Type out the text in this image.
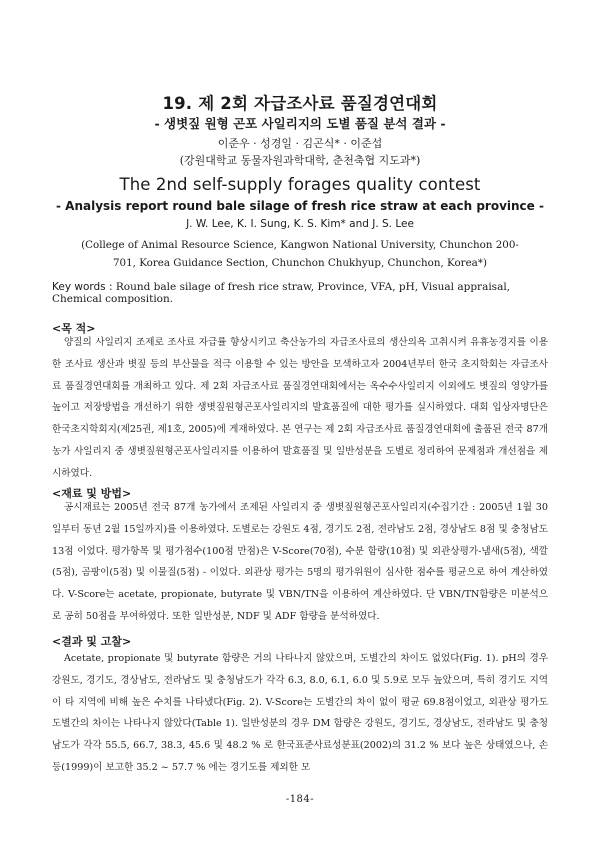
19. 제 2회 자급조사료 품질경연대회
- 생볏짚 원형 곤포 사일리지의 도별 품질 분석 결과 -
이준우 · 성경일 · 김곤식* · 이준섭
(강원대학교 동물자원과학대학, 춘천축협 지도과*)
The 2nd self-supply forages quality contest
- Analysis report round bale silage of fresh rice straw at each province -
J. W. Lee, K. I. Sung, K. S. Kim* and J. S. Lee
(College of Animal Resource Science, Kangwon National University, Chunchon 200-701, Korea Guidance Section, Chunchon Chukhyup, Chunchon, Korea*)
Key words : Round bale silage of fresh rice straw, Province, VFA, pH, Visual appraisal, Chemical composition.
<목 적>

양질의 사일리지 조제로 조사료 자급률 향상시키고 축산농가의 자급조사료의 생산의욕 고취시켜 유휴농경지를 이용한 조사료 생산과 볏짚 등의 부산물을 적극 이용할 수 있는 방안을 모색하고자 2004년부터 한국 초지학회는 자급조사료 품질경연대회를 개최하고 있다. 제 2회 자급조사료 품질경연대회에서는 옥수수사일리지 이외에도 볏짚의 영양가를 높이고 저장방법을 개선하기 위한 생볏짚원형곤포사일리지의 발효품질에 대한 평가를 실시하였다. 대회 입상자명단은 한국초지학회지(제25권, 제1호, 2005)에 게재하였다. 본 연구는 제 2회 자급조사료 품질경연대회에 출품된 전국 87개 농가 사일리지 중 생볏짚원형곤포사일리지를 이용하여 발효품질 및 일반성분을 도별로 정리하여 문제점과 개선점을 제시하였다.

<재료 및 방법>

공시재료는 2005년 전국 87개 농가에서 조제된 사일리지 중 생볏짚원형곤포사일리지(수집기간 : 2005년 1월 30일부터 동년 2월 15일까지)를 이용하였다. 도별로는 강원도 4점, 경기도 2점, 전라남도 2점, 경상남도 8점 및 충청남도 13점 이었다. 평가항목 및 평가점수(100점 만점)은 V-Score(70점), 수분 함량(10점) 및 외관상평가-냄새(5점), 색깔(5점), 곰팡이(5점) 및 이물질(5점) - 이었다. 외관상 평가는 5명의 평가위원이 심사한 점수를 평균으로 하여 계산하였다. V-Score는 acetate, propionate, butyrate 및 VBN/TN을 이용하여 계산하였다. 단 VBN/TN함량은 미분석으로 공히 50점을 부여하였다. 또한 일반성분, NDF 및 ADF 함량을 분석하였다.

<결과 및 고찰>

Acetate, propionate 및 butyrate 함량은 거의 나타나지 않았으며, 도별간의 차이도 없었다(Fig. 1). pH의 경우 강원도, 경기도, 경상남도, 전라남도 및 충청남도가 각각 6.3, 8.0, 6.1, 6.0 및 5.9로 모두 높았으며, 특히 경기도 지역이 타 지역에 비해 높은 수치를 나타냈다(Fig. 2). V-Score는 도별간의 차이 없이 평균 69.8점이었고, 외관상 평가도 도별간의 차이는 나타나지 않았다(Table 1). 일반성분의 경우 DM 함량은 강원도, 경기도, 경상남도, 전라남도 및 충청남도가 각각 55.5, 66.7, 38.3, 45.6 및 48.2 % 로 한국표준사료성분표(2002)의 31.2 % 보다 높은 상태였으나, 손 등(1999)이 보고한 35.2 ~ 57.7 % 에는 경기도를 제외한 모

-184-
